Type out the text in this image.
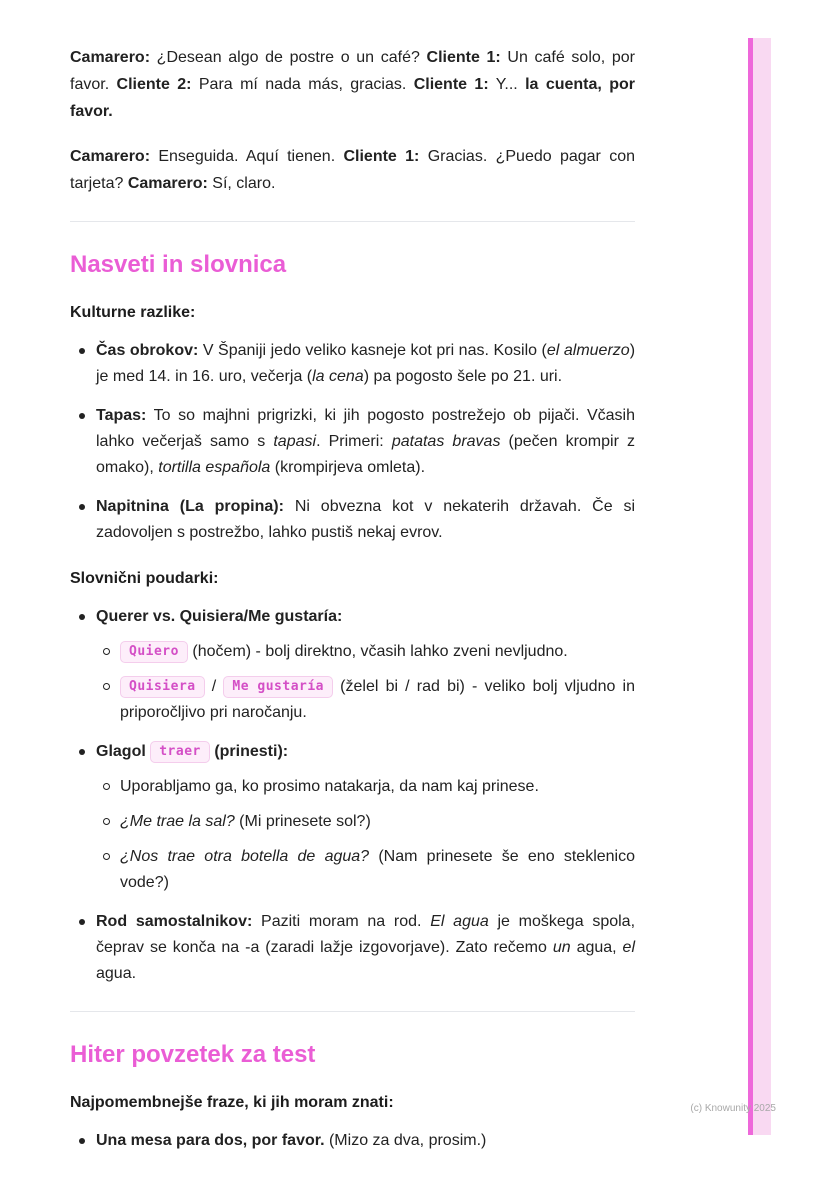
Camarero: ¿Desean algo de postre o un café? Cliente 1: Un café solo, por favor. Cliente 2: Para mí nada más, gracias. Cliente 1: Y... la cuenta, por favor.

Camarero: Enseguida. Aquí tienen. Cliente 1: Gracias. ¿Puedo pagar con tarjeta? Camarero: Sí, claro.

Nasveti in slovnica

Kulturne razlike:

Čas obrokov: V Španiji jedo veliko kasneje kot pri nas. Kosilo (el almuerzo) je med 14. in 16. uro, večerja (la cena) pa pogosto šele po 21. uri.
Tapas: To so majhni prigrizki, ki jih pogosto postrežejo ob pijači. Včasih lahko večerjaš samo s tapasi. Primeri: patatas bravas (pečen krompir z omako), tortilla española (krompirjeva omleta).
Napitnina (La propina): Ni obvezna kot v nekaterih državah. Če si zadovoljen s postrežbo, lahko pustiš nekaj evrov.

Slovnični poudarki:

Querer vs. Quisiera/Me gustaría:
Quiero (hočem) - bolj direktno, včasih lahko zveni nevljudno.
Quisiera / Me gustaría (želel bi / rad bi) - veliko bolj vljudno in priporočljivo pri naročanju.
Glagol traer (prinesti):
Uporabljamo ga, ko prosimo natakarja, da nam kaj prinese.
¿Me trae la sal? (Mi prinesete sol?)
¿Nos trae otra botella de agua? (Nam prinesete še eno steklenico vode?)
Rod samostalnikov: Paziti moram na rod. El agua je moškega spola, čeprav se konča na -a (zaradi lažje izgovorjave). Zato rečemo un agua, el agua.
Hiter povzetek za test

Najpomembnejše fraze, ki jih moram znati:

Una mesa para dos, por favor. (Mizo za dva, prosim.)
(c) Knowunity 2025
